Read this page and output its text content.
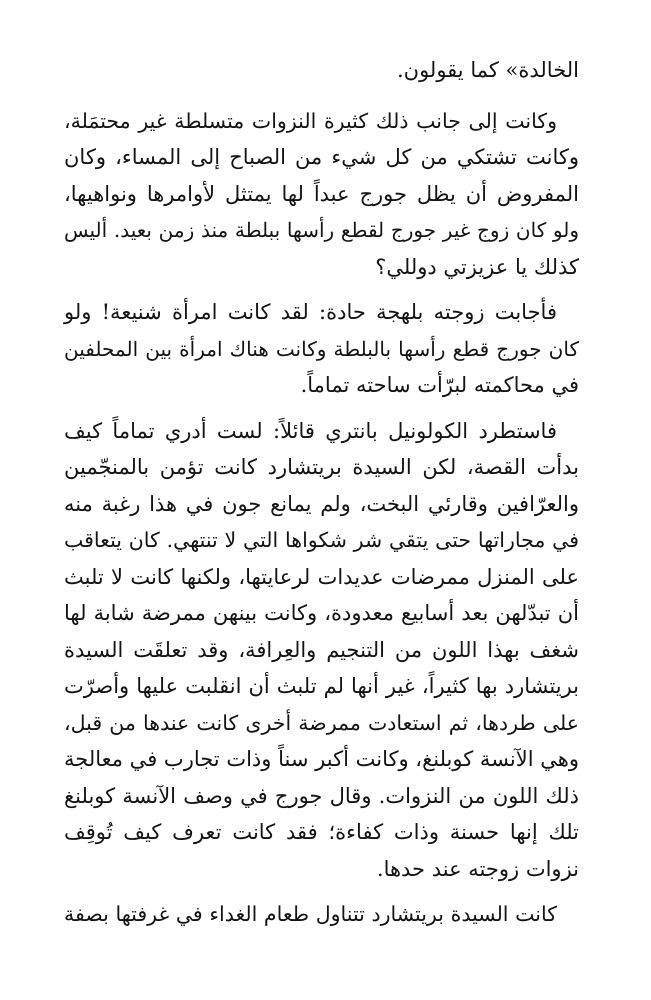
الخالدة» كما يقولون.
وكانت إلى جانب ذلك كثيرة النزوات متسلطة غير محتمَلة،
وكانت تشتكي من كل شيء من الصباح إلى المساء، وكان
المفروض أن يظل جورج عبداً لها يمتثل لأوامرها ونواهيها،
ولو كان زوج غير جورج لقطع رأسها ببلطة منذ زمن بعيد. أليس
كذلك يا عزيزتي دوللي؟
فأجابت زوجته بلهجة حادة: لقد كانت امرأة شنيعة! ولو
كان جورج قطع رأسها بالبلطة وكانت هناك امرأة بين المحلفين
في محاكمته لبرّأت ساحته تماماً.
فاستطرد الكولونيل بانتري قائلاً: لست أدري تماماً كيف
بدأت القصة، لكن السيدة بريتشارد كانت تؤمن بالمنجّمين
والعرّافين وقارئي البخت، ولم يمانع جون في هذا رغبة منه
في مجاراتها حتى يتقي شر شكواها التي لا تنتهي. كان يتعاقب
على المنزل ممرضات عديدات لرعايتها، ولكنها كانت لا تلبث
أن تبدّلهن بعد أسابيع معدودة، وكانت بينهن ممرضة شابة لها
شغف بهذا اللون من التنجيم والعِرافة، وقد تعلقَت السيدة
بريتشارد بها كثيراً، غير أنها لم تلبث أن انقلبت عليها وأصرّت
على طردها، ثم استعادت ممرضة أخرى كانت عندها من قبل،
وهي الآنسة كوبلنغ، وكانت أكبر سناً وذات تجارب في معالجة
ذلك اللون من النزوات. وقال جورج في وصف الآنسة كوبلنغ
تلك إنها حسنة وذات كفاءة؛ فقد كانت تعرف كيف تُوقِف
نزوات زوجته عند حدها.
كانت السيدة بريتشارد تتناول طعام الغداء في غرفتها بصفة
